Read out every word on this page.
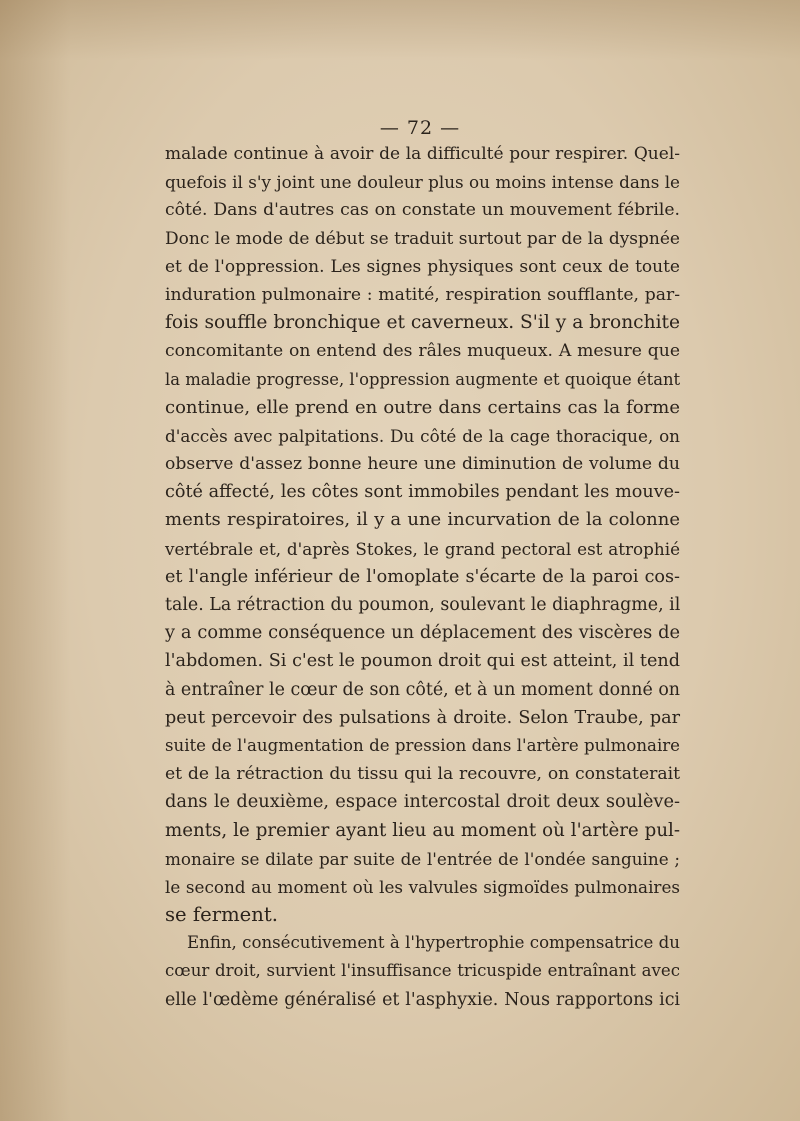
— 72 —
malade continue à avoir de la difficulté pour respirer. Quel-
quefois il s'y joint une douleur plus ou moins intense dans le
côté. Dans d'autres cas on constate un mouvement fébrile.
Donc le mode de début se traduit surtout par de la dyspnée
et de l'oppression. Les signes physiques sont ceux de toute
induration pulmonaire : matité, respiration soufflante, par-
fois souffle bronchique et caverneux. S'il y a bronchite
concomitante on entend des râles muqueux. A mesure que
la maladie progresse, l'oppression augmente et quoique étant
continue, elle prend en outre dans certains cas la forme
d'accès avec palpitations. Du côté de la cage thoracique, on
observe d'assez bonne heure une diminution de volume du
côté affecté, les côtes sont immobiles pendant les mouve-
ments respiratoires, il y a une incurvation de la colonne
vertébrale et, d'après Stokes, le grand pectoral est atrophié
et l'angle inférieur de l'omoplate s'écarte de la paroi cos-
tale. La rétraction du poumon, soulevant le diaphragme, il
y a comme conséquence un déplacement des viscères de
l'abdomen. Si c'est le poumon droit qui est atteint, il tend
à entraîner le cœur de son côté, et à un moment donné on
peut percevoir des pulsations à droite. Selon Traube, par
suite de l'augmentation de pression dans l'artère pulmonaire
et de la rétraction du tissu qui la recouvre, on constaterait
dans le deuxième, espace intercostal droit deux soulève-
ments, le premier ayant lieu au moment où l'artère pul-
monaire se dilate par suite de l'entrée de l'ondée sanguine ;
le second au moment où les valvules sigmoïdes pulmonaires
se ferment.
Enfin, consécutivement à l'hypertrophie compensatrice du
cœur droit, survient l'insuffisance tricuspide entraînant avec
elle l'œdème généralisé et l'asphyxie. Nous rapportons ici
